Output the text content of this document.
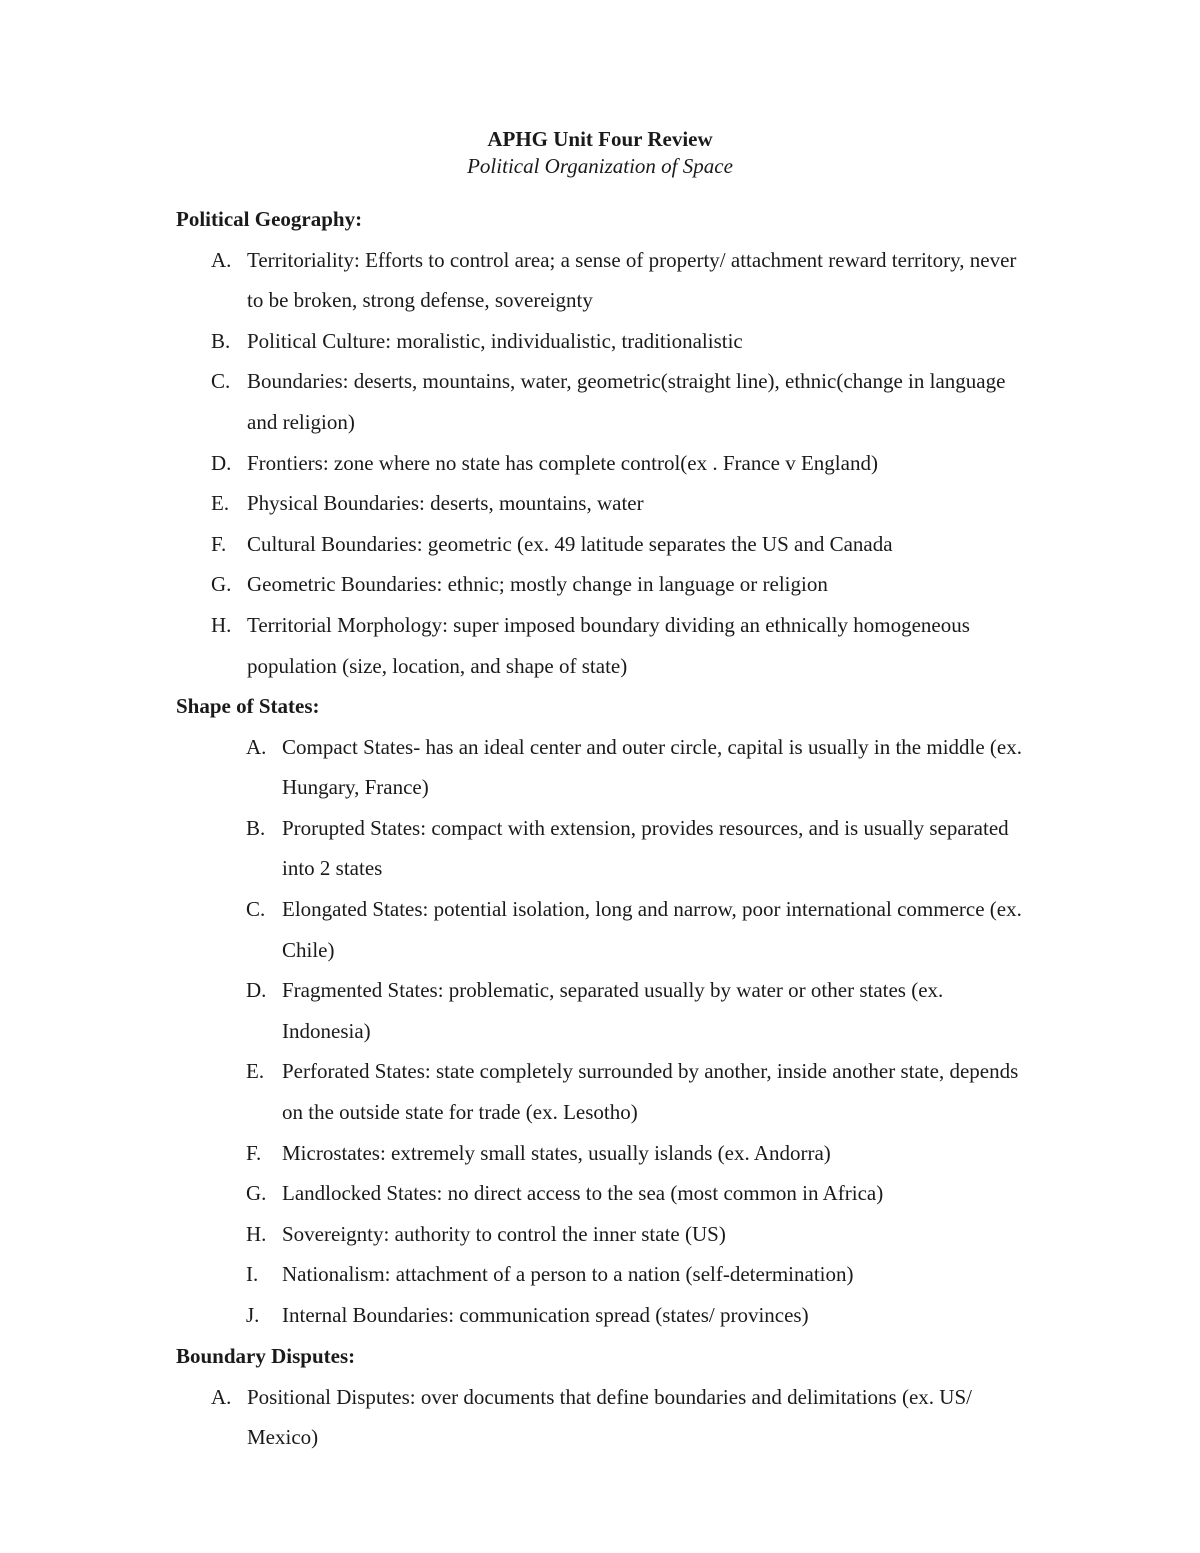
APHG Unit Four Review
Political Organization of Space
Political Geography:
A. Territoriality: Efforts to control area; a sense of property/ attachment reward territory, never to be broken, strong defense, sovereignty
B. Political Culture: moralistic, individualistic, traditionalistic
C. Boundaries: deserts, mountains, water, geometric(straight line), ethnic(change in language and religion)
D. Frontiers: zone where no state has complete control(ex . France v England)
E. Physical Boundaries: deserts, mountains, water
F. Cultural Boundaries: geometric (ex. 49 latitude separates the US and Canada
G. Geometric Boundaries: ethnic; mostly change in language or religion
H. Territorial Morphology: super imposed boundary dividing an ethnically homogeneous population (size, location, and shape of state)
Shape of States:
A. Compact States- has an ideal center and outer circle, capital is usually in the middle (ex. Hungary, France)
B. Prorupted States: compact with extension, provides resources, and is usually separated into 2 states
C. Elongated States: potential isolation, long and narrow, poor international commerce (ex. Chile)
D. Fragmented States: problematic, separated usually by water or other states (ex. Indonesia)
E. Perforated States: state completely surrounded by another, inside another state, depends on the outside state for trade (ex. Lesotho)
F. Microstates: extremely small states, usually islands (ex. Andorra)
G. Landlocked States: no direct access to the sea (most common in Africa)
H. Sovereignty: authority to control the inner state (US)
I. Nationalism: attachment of a person to a nation (self-determination)
J. Internal Boundaries: communication spread (states/ provinces)
Boundary Disputes:
A. Positional Disputes: over documents that define boundaries and delimitations (ex. US/ Mexico)
